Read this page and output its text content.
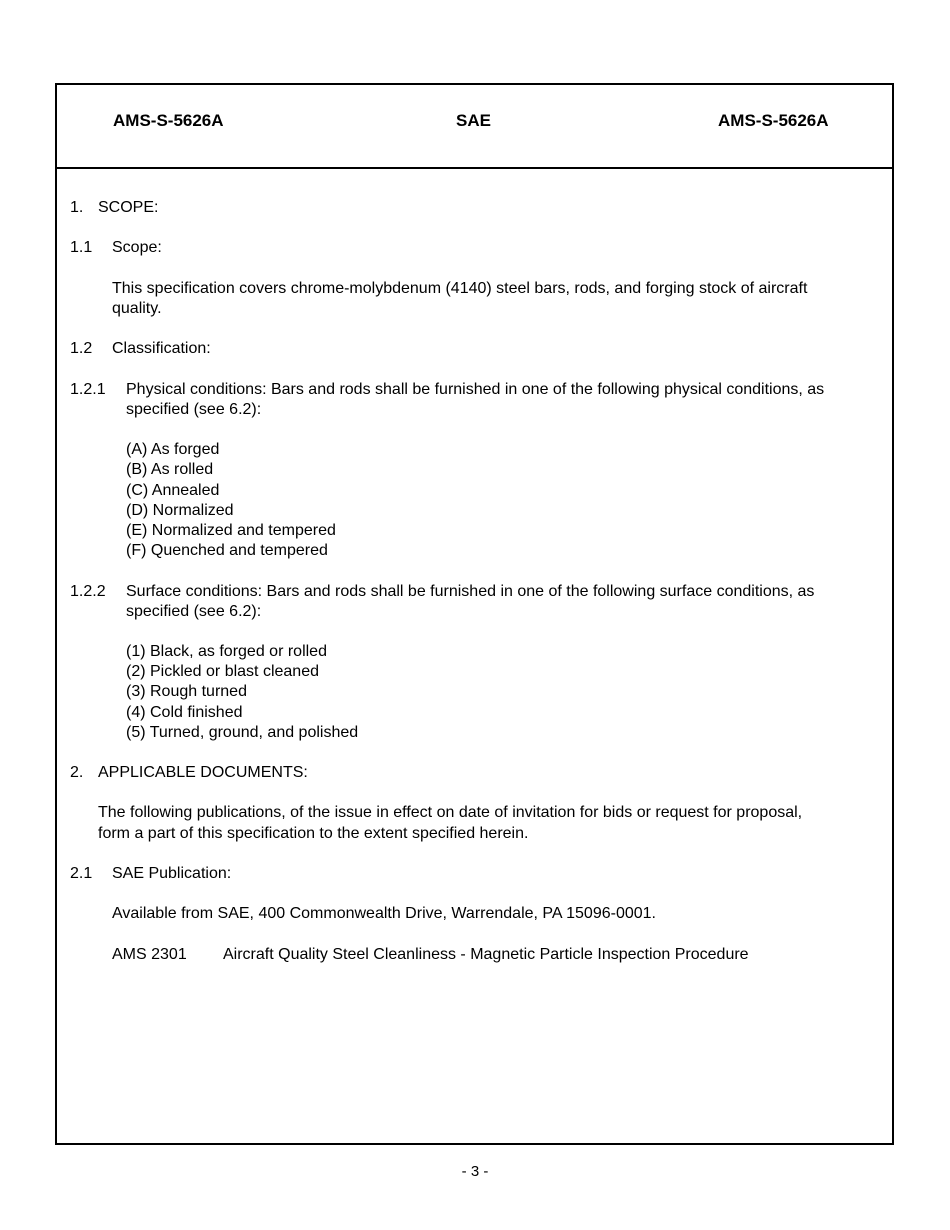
AMS-S-5626A	SAE	AMS-S-5626A
1. SCOPE:
1.1 Scope:
This specification covers chrome-molybdenum (4140) steel bars, rods, and forging stock of aircraft
quality.
1.2 Classification:
1.2.1 Physical conditions: Bars and rods shall be furnished in one of the following physical conditions, as
specified (see 6.2):
(A) As forged
(B) As rolled
(C) Annealed
(D) Normalized
(E) Normalized and tempered
(F) Quenched and tempered
1.2.2 Surface conditions: Bars and rods shall be furnished in one of the following surface conditions, as
specified (see 6.2):
(1) Black, as forged or rolled
(2) Pickled or blast cleaned
(3) Rough turned
(4) Cold finished
(5) Turned, ground, and polished
2. APPLICABLE DOCUMENTS:
The following publications, of the issue in effect on date of invitation for bids or request for proposal,
form a part of this specification to the extent specified herein.
2.1 SAE Publication:
Available from SAE, 400 Commonwealth Drive, Warrendale, PA 15096-0001.
AMS 2301 Aircraft Quality Steel Cleanliness - Magnetic Particle Inspection Procedure
- 3 -
